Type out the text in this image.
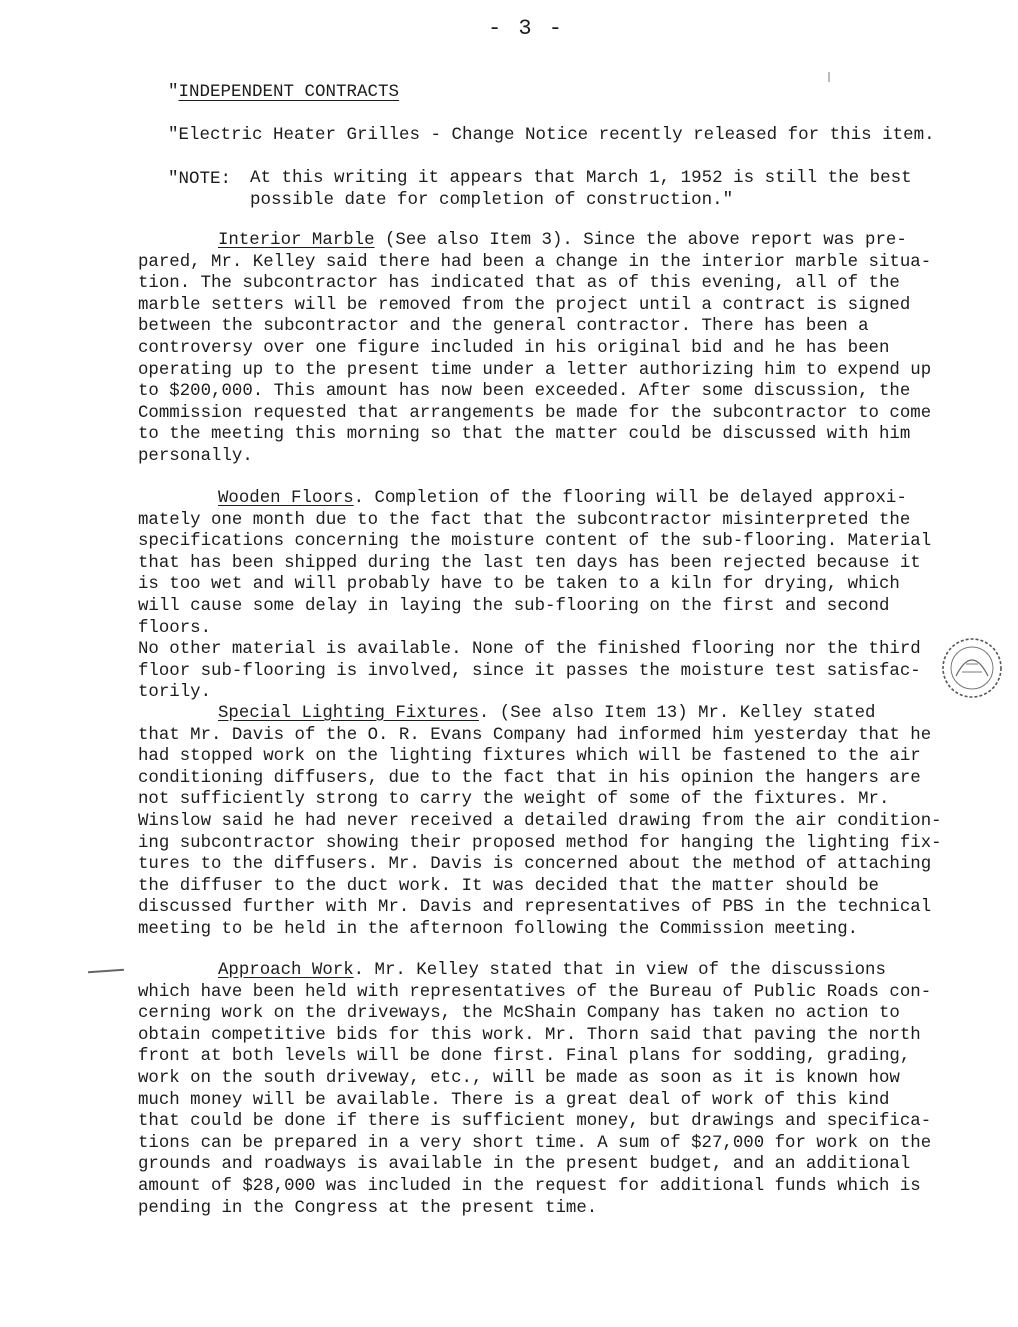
- 3 -
"INDEPENDENT CONTRACTS
"Electric Heater Grilles - Change Notice recently released for this item.
"NOTE: At this writing it appears that March 1, 1952 is still the best
possible date for completion of construction."

Interior Marble (See also Item 3). Since the above report was pre-
pared, Mr. Kelley said there had been a change in the interior marble situa-
tion. The subcontractor has indicated that as of this evening, all of the
marble setters will be removed from the project until a contract is signed
between the subcontractor and the general contractor. There has been a
controversy over one figure included in his original bid and he has been
operating up to the present time under a letter authorizing him to expend up
to $200,000. This amount has now been exceeded. After some discussion, the
Commission requested that arrangements be made for the subcontractor to come
to the meeting this morning so that the matter could be discussed with him
personally.

Wooden Floors. Completion of the flooring will be delayed approxi-
mately one month due to the fact that the subcontractor misinterpreted the
specifications concerning the moisture content of the sub-flooring. Material
that has been shipped during the last ten days has been rejected because it
is too wet and will probably have to be taken to a kiln for drying, which
will cause some delay in laying the sub-flooring on the first and second floors.
No other material is available. None of the finished flooring nor the third
floor sub-flooring is involved, since it passes the moisture test satisfac-
torily.

Special Lighting Fixtures. (See also Item 13) Mr. Kelley stated
that Mr. Davis of the O. R. Evans Company had informed him yesterday that he
had stopped work on the lighting fixtures which will be fastened to the air
conditioning diffusers, due to the fact that in his opinion the hangers are
not sufficiently strong to carry the weight of some of the fixtures. Mr.
Winslow said he had never received a detailed drawing from the air condition-
ing subcontractor showing their proposed method for hanging the lighting fix-
tures to the diffusers. Mr. Davis is concerned about the method of attaching
the diffuser to the duct work. It was decided that the matter should be
discussed further with Mr. Davis and representatives of PBS in the technical
meeting to be held in the afternoon following the Commission meeting.

Approach Work. Mr. Kelley stated that in view of the discussions
which have been held with representatives of the Bureau of Public Roads con-
cerning work on the driveways, the McShain Company has taken no action to
obtain competitive bids for this work. Mr. Thorn said that paving the north
front at both levels will be done first. Final plans for sodding, grading,
work on the south driveway, etc., will be made as soon as it is known how
much money will be available. There is a great deal of work of this kind
that could be done if there is sufficient money, but drawings and specifica-
tions can be prepared in a very short time. A sum of $27,000 for work on the
grounds and roadways is available in the present budget, and an additional
amount of $28,000 was included in the request for additional funds which is
pending in the Congress at the present time.
